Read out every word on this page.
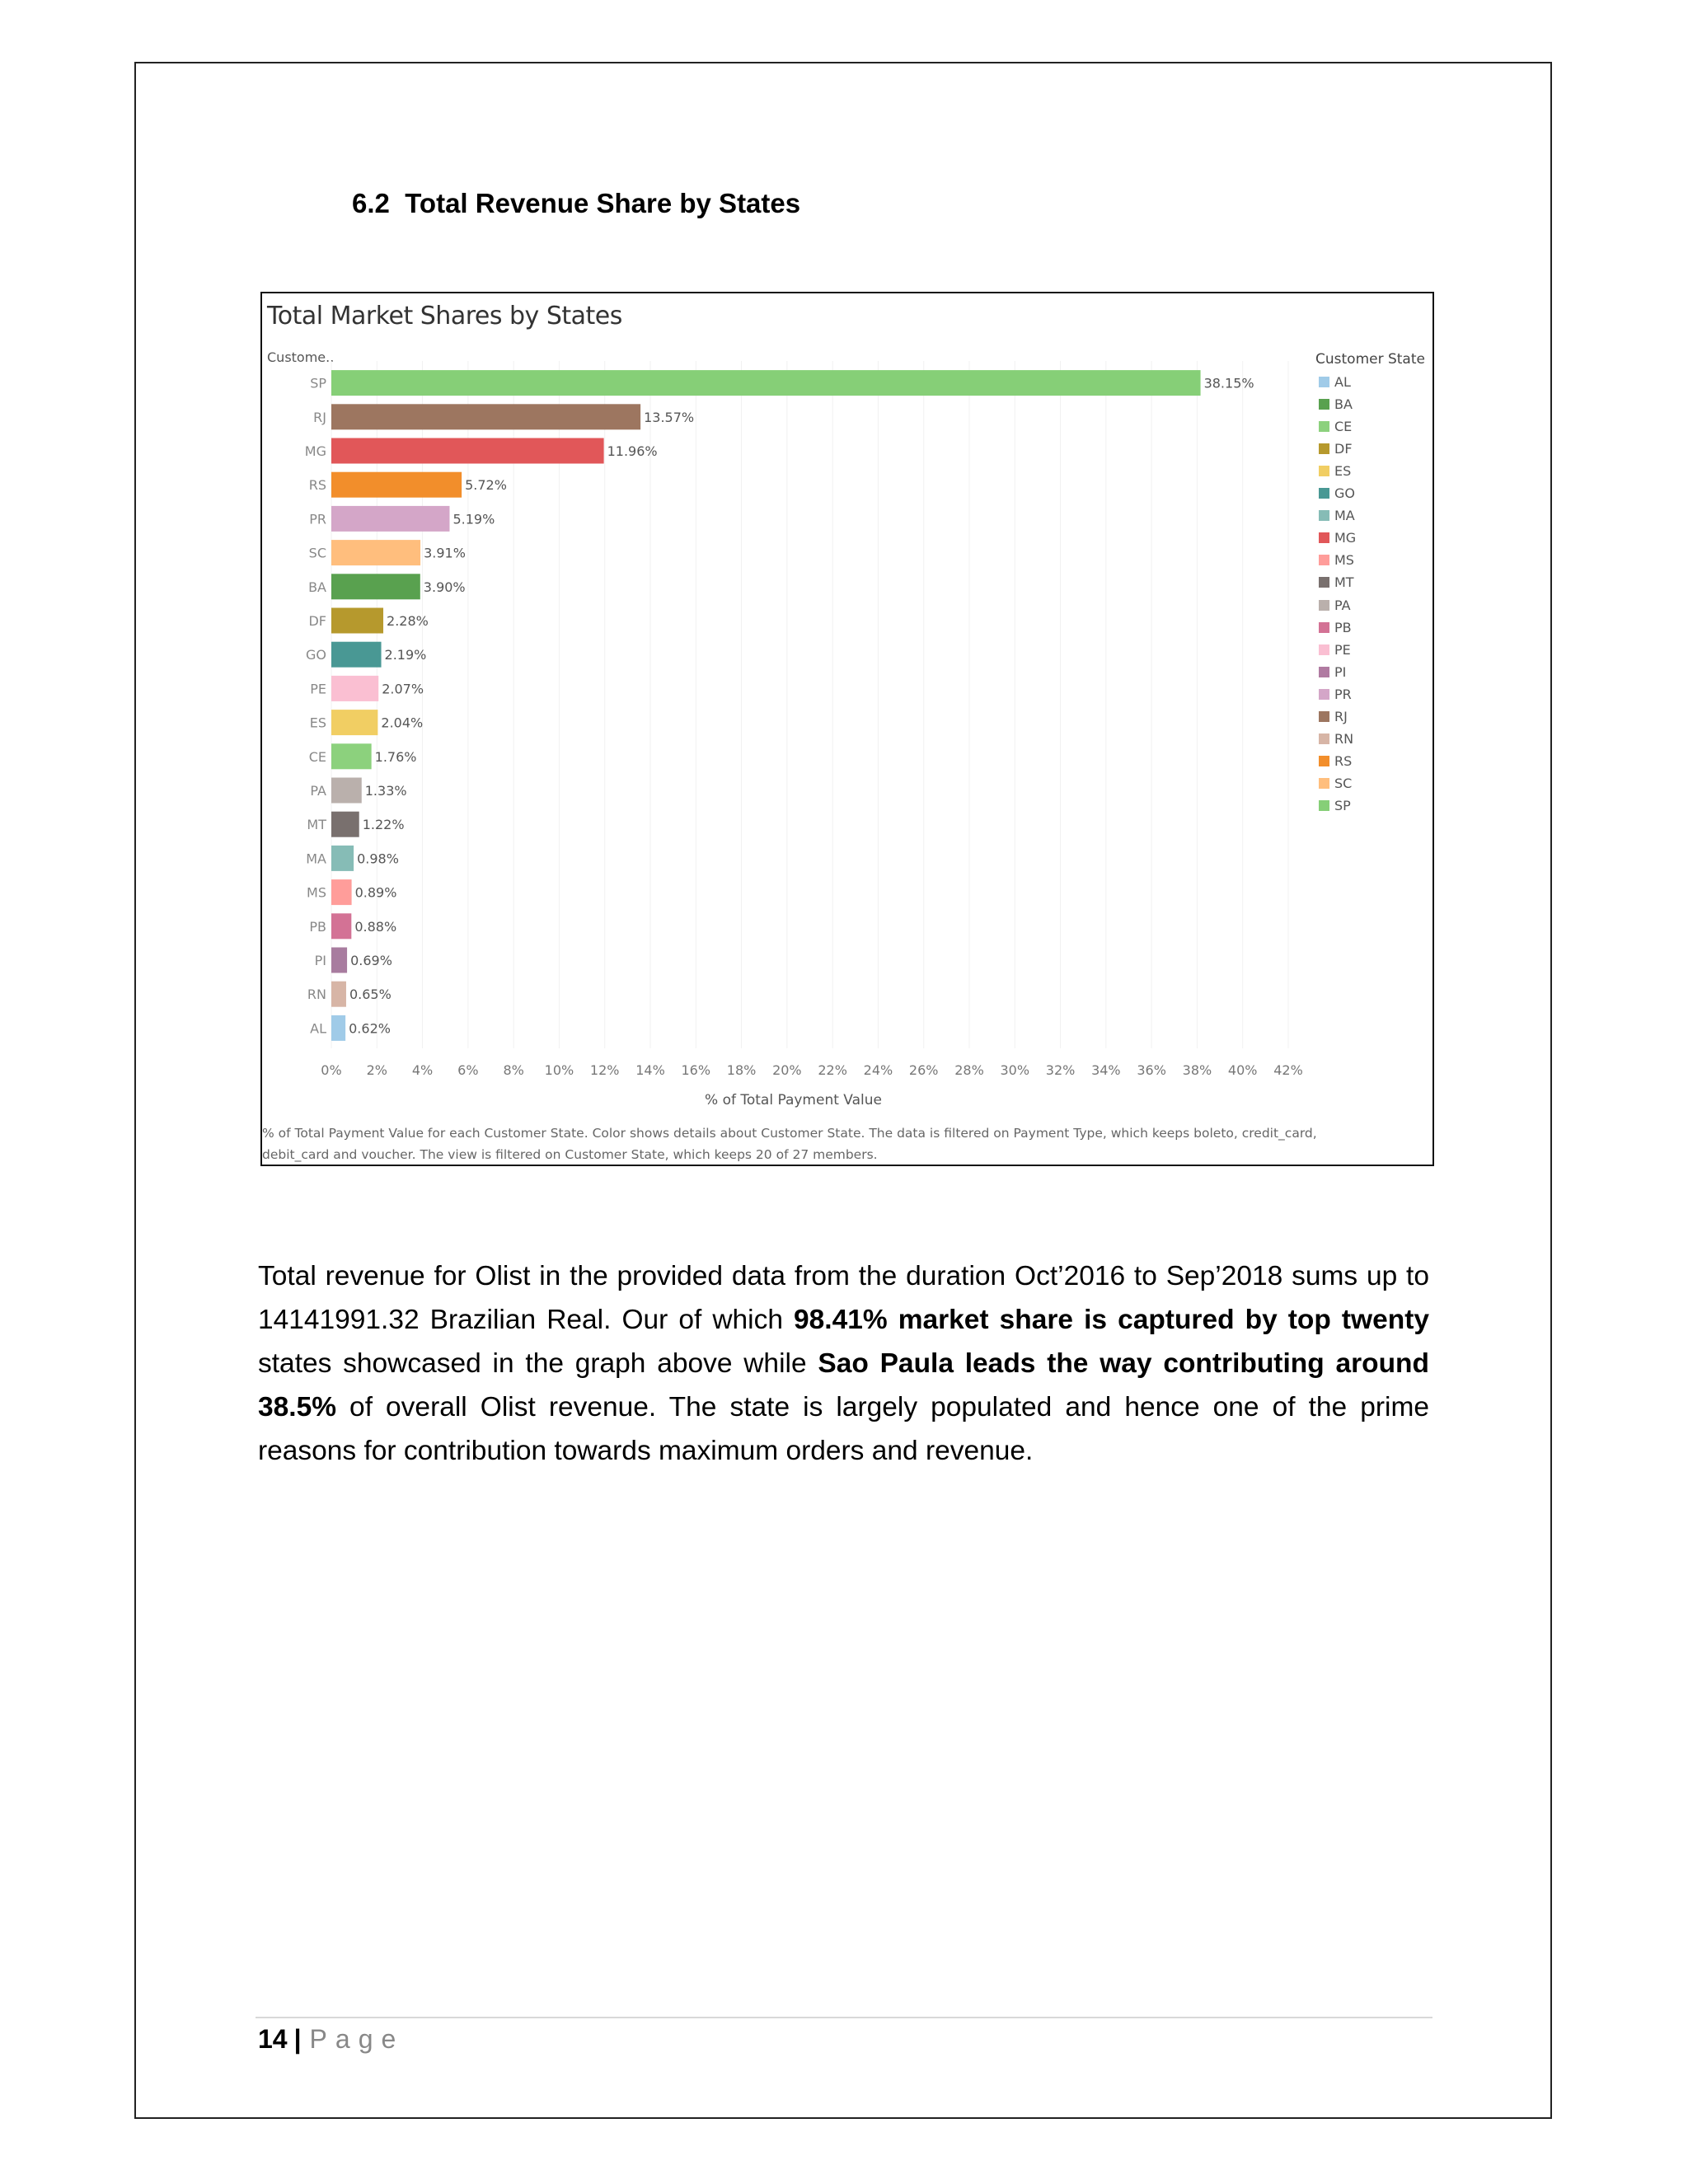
6.2 Total Revenue Share by States
Total Market Shares by States
Custome..
0% 2% 4% 6% 8% 10% 12% 14% 16% 18% 20% 22% 24% 26% 28% 30% 32% 34% 36% 38% 40% 42%
SP	38.15%
RJ	13.57%
MG	11.96%
RS	5.72%
PR	5.19%
SC	3.91%
BA	3.90%
DF	2.28%
GO	2.19%
PE	2.07%
ES	2.04%
CE	1.76%
PA	1.33%
MT	1.22%
MA 0.98%
MS 0.89%
PB 0.88%
PI 0.69%
RN 0.65%
AL 0.62%
% of Total Payment Value
Customer State
AL
BA
CE
DF
ES
GO
MA
MG
MS
MT
PA
PB
PE
PI
PR
RJ
RN
RS
SC
SP

% of Total Payment Value for each Customer State. Color shows details about Customer State. The data is filtered on Payment Type, which keeps boleto, credit_card,

debit_card and voucher. The view is filtered on Customer State, which keeps 20 of 27 members.

Total revenue for Olist in the provided data from the duration Oct’2016 to Sep’2018 sums up to 14141991.32 Brazilian Real. Our of which 98.41% market share is captured by top twenty states showcased in the graph above while Sao Paula leads the way contributing around 38.5% of overall Olist revenue. The state is largely populated and hence one of the prime reasons for contribution towards maximum orders and revenue.

14 | Page
